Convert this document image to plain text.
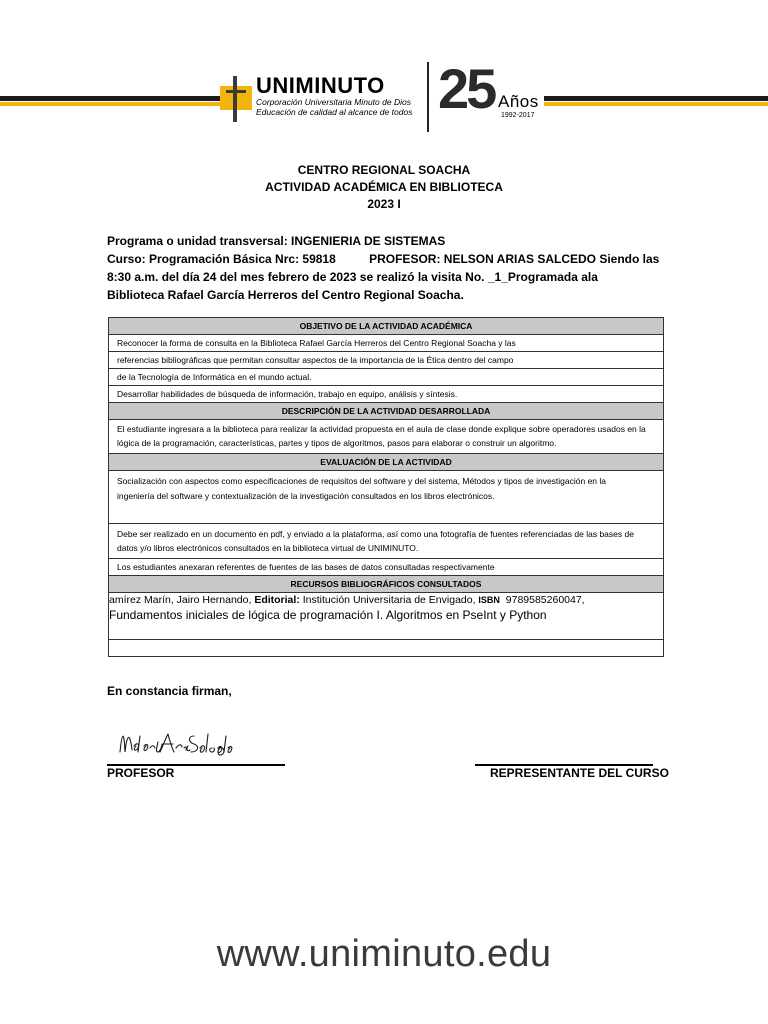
UNIMINUTO
Corporación Universitaria Minuto de Dios
Educación de calidad al alcance de todos 25 Años
1992-2017
CENTRO REGIONAL SOACHA
ACTIVIDAD ACADÉMICA EN BIBLIOTECA
2023 I
Programa o unidad transversal: INGENIERIA DE SISTEMAS
Curso: Programación Básica Nrc: 59818          PROFESOR: NELSON ARIAS SALCEDO Siendo las
8:30 a.m. del día 24 del mes febrero de 2023 se realizó la visita No. _1_Programada ala
Biblioteca Rafael García Herreros del Centro Regional Soacha.
OBJETIVO DE LA ACTIVIDAD ACADÉMICA
Reconocer la forma de consulta en la Biblioteca Rafael García Herreros del Centro Regional Soacha y las
referencias bibliográficas que permitan consultar aspectos de la importancia de la Ética dentro del campo
de la Tecnología de Informática en el mundo actual.
Desarrollar habilidades de búsqueda de información, trabajo en equipo, análisis y síntesis.
DESCRIPCIÓN DE LA ACTIVIDAD DESARROLLADA
El estudiante ingresara a la biblioteca para realizar la actividad propuesta en el aula de clase donde explique sobre operadores usados en la lógica de la programación, características, partes y tipos de algoritmos, pasos para elaborar o construir un algoritmo.
EVALUACIÓN DE LA ACTIVIDAD
Socialización con aspectos como especificaciones de requisitos del software y del sistema, Métodos y tipos de investigación en la ingeniería del software y contextualización de la investigación consultados en los libros electrónicos.
Debe ser realizado en un documento en pdf, y enviado a la plataforma, así como una fotografía de fuentes referenciadas de las bases de datos y/o libros electrónicos consultados en la biblioteca virtual de UNIMINUTO.
Los estudiantes anexaran referentes de fuentes de las bases de datos consultadas respectivamente
RECURSOS BIBLIOGRÁFICOS CONSULTADOS
amírez Marín, Jairo Hernando, Editorial: Institución Universitaria de Envigado, ISBN  9789585260047,
Fundamentos iniciales de lógica de programación I. Algoritmos en PseInt y Python
En constancia firman,
PROFESOR	REPRESENTANTE DEL CURSO
www.uniminuto.edu
